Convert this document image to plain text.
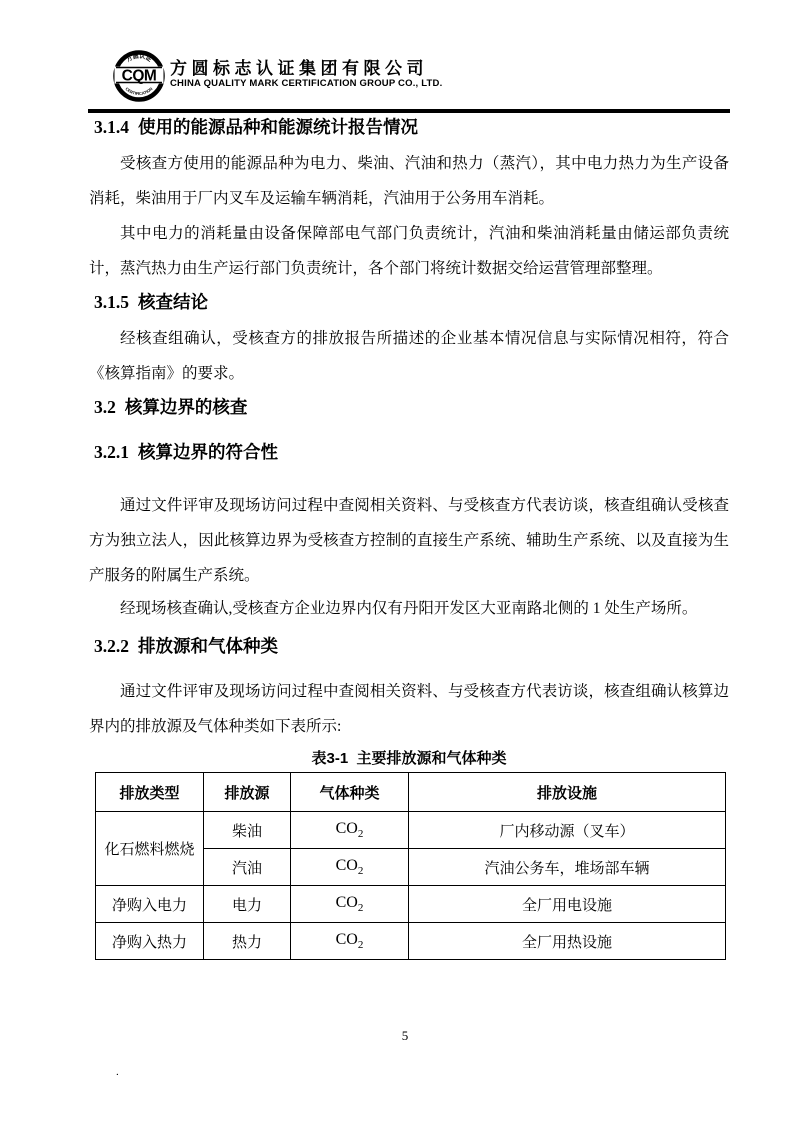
方圆认证
CQM
CERTIFICATION
方圆标志认证集团有限公司
CHINA QUALITY MARK CERTIFICATION GROUP CO., LTD.
3.1.4 使用的能源品种和能源统计报告情况

受核查方使用的能源品种为电力、柴油、汽油和热力（蒸汽），其中电力热力为生产设备消耗，柴油用于厂内叉车及运输车辆消耗，汽油用于公务用车消耗。

其中电力的消耗量由设备保障部电气部门负责统计，汽油和柴油消耗量由储运部负责统计，蒸汽热力由生产运行部门负责统计，各个部门将统计数据交给运营管理部整理。

3.1.5 核查结论

经核查组确认，受核查方的排放报告所描述的企业基本情况信息与实际情况相符，符合《核算指南》的要求。

3.2 核算边界的核查
3.2.1 核算边界的符合性

通过文件评审及现场访问过程中查阅相关资料、与受核查方代表访谈，核查组确认受核查方为独立法人，因此核算边界为受核查方控制的直接生产系统、辅助生产系统、以及直接为生产服务的附属生产系统。

经现场核查确认,受核查方企业边界内仅有丹阳开发区大亚南路北侧的 1 处生产场所。

3.2.2 排放源和气体种类

通过文件评审及现场访问过程中查阅相关资料、与受核查方代表访谈，核查组确认核算边界内的排放源及气体种类如下表所示:

表3-1  主要排放源和气体种类
排放类型	排放源	气体种类	排放设施
化石燃料燃烧	柴油	$CO_2$	厂内移动源（叉车）
	汽油	$CO_2$	汽油公务车，堆场部车辆
净购入电力	电力	$CO_2$	全厂用电设施
净购入热力	热力	$CO_2$	全厂用热设施
5
.
